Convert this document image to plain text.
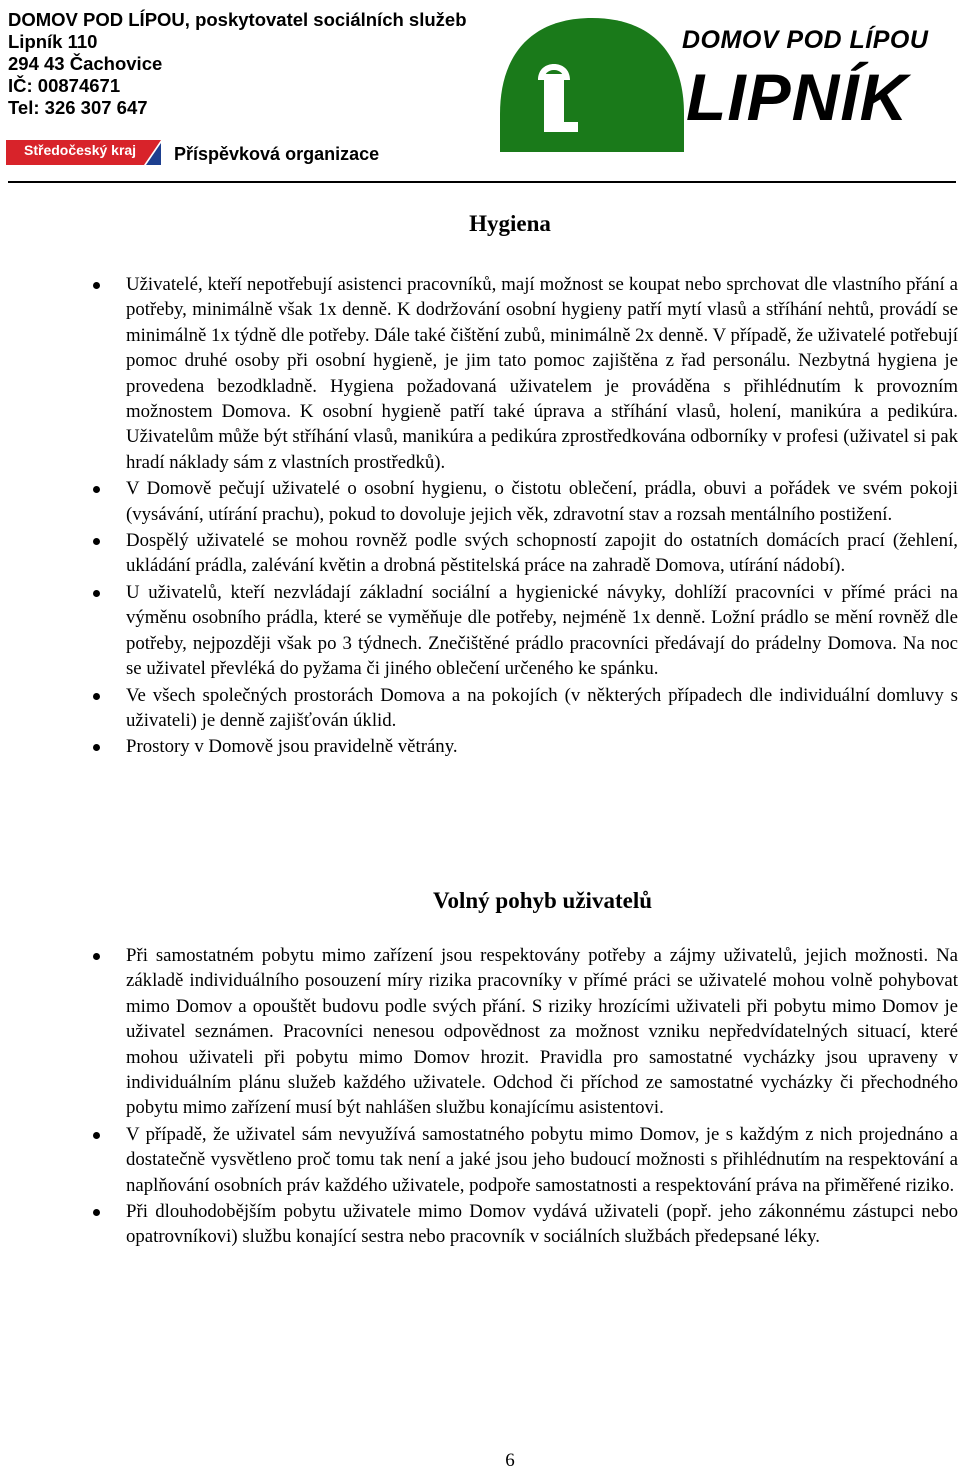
DOMOV POD LÍPOU, poskytovatel sociálních služeb
Lipník 110
294 43 Čachovice
IČ: 00874671
Tel: 326 307 647
Středočeský kraj Příspěvková organizace
DOMOV POD LÍPOU
LIPNÍK
Hygiena
Uživatelé, kteří nepotřebují asistenci pracovníků, mají možnost se koupat nebo sprchovat dle vlastního přání a potřeby, minimálně však 1x denně. K dodržování osobní hygieny patří mytí vlasů a stříhání nehtů, provádí se minimálně 1x týdně dle potřeby. Dále také čištění zubů, minimálně 2x denně. V případě, že uživatelé potřebují pomoc druhé osoby při osobní hygieně, je jim tato pomoc zajištěna z řad personálu. Nezbytná hygiena je provedena bezodkladně. Hygiena požadovaná uživatelem je prováděna s přihlédnutím k provozním možnostem Domova. K osobní hygieně patří také úprava a stříhání vlasů, holení, manikúra a pedikúra. Uživatelům může být stříhání vlasů, manikúra a pedikúra zprostředkována odborníky v profesi (uživatel si pak hradí náklady sám z vlastních prostředků).
V Domově pečují uživatelé o osobní hygienu, o čistotu oblečení, prádla, obuvi a pořádek ve svém pokoji (vysávání, utírání prachu), pokud to dovoluje jejich věk, zdravotní stav a rozsah mentálního postižení.
Dospělý uživatelé se mohou rovněž podle svých schopností zapojit do ostatních domácích prací (žehlení, ukládání prádla, zalévání květin a drobná pěstitelská práce na zahradě Domova, utírání nádobí).
U uživatelů, kteří nezvládají základní sociální a hygienické návyky, dohlíží pracovníci v přímé práci na výměnu osobního prádla, které se vyměňuje dle potřeby, nejméně 1x denně. Ložní prádlo se mění rovněž dle potřeby, nejpozději však po 3 týdnech. Znečištěné prádlo pracovníci předávají do prádelny Domova. Na noc se uživatel převléká do pyžama či jiného oblečení určeného ke spánku.
Ve všech společných prostorách Domova a na pokojích (v některých případech dle individuální domluvy s uživateli) je denně zajišťován úklid.
Prostory v Domově jsou pravidelně větrány.
Volný pohyb uživatelů
Při samostatném pobytu mimo zařízení jsou respektovány potřeby a zájmy uživatelů, jejich možnosti. Na základě individuálního posouzení míry rizika pracovníky v přímé práci se uživatelé mohou volně pohybovat mimo Domov a opouštět budovu podle svých přání. S riziky hrozícími uživateli při pobytu mimo Domov je uživatel seznámen. Pracovníci nenesou odpovědnost za možnost vzniku nepředvídatelných situací, které mohou uživateli při pobytu mimo Domov hrozit. Pravidla pro samostatné vycházky jsou upraveny v individuálním plánu služeb každého uživatele. Odchod či příchod ze samostatné vycházky či přechodného pobytu mimo zařízení musí být nahlášen službu konajícímu asistentovi.
V případě, že uživatel sám nevyužívá samostatného pobytu mimo Domov, je s každým z nich projednáno a dostatečně vysvětleno proč tomu tak není a jaké jsou jeho budoucí možnosti s přihlédnutím na respektování a naplňování osobních práv každého uživatele, podpoře samostatnosti a respektování práva na přiměřené riziko.
Při dlouhodobějším pobytu uživatele mimo Domov vydává uživateli (popř. jeho zákonnému zástupci nebo opatrovníkovi) službu konající sestra nebo pracovník v sociálních službách předepsané léky.
6
